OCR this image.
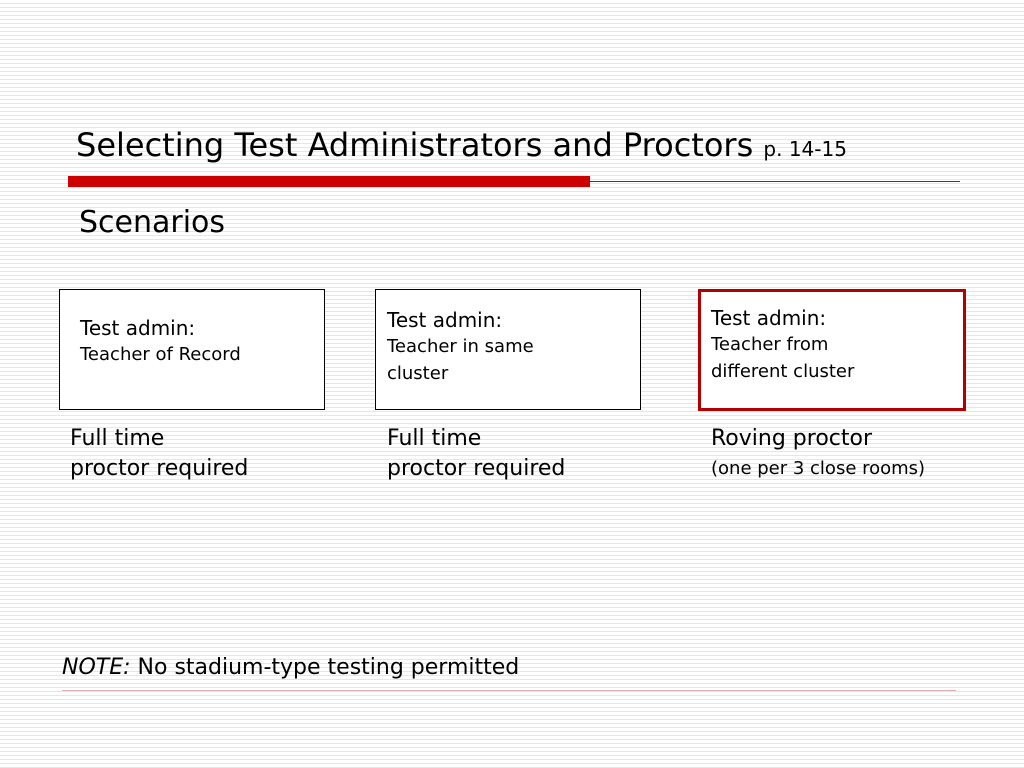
Selecting Test Administrators and Proctors p. 14-15
Scenarios
Test admin:
Teacher of Record
Full time
proctor required
Test admin:
Teacher in same
cluster
Full time
proctor required
Test admin:
Teacher from
different cluster
Roving proctor
(one per 3 close rooms)
NOTE: No stadium-type testing permitted
